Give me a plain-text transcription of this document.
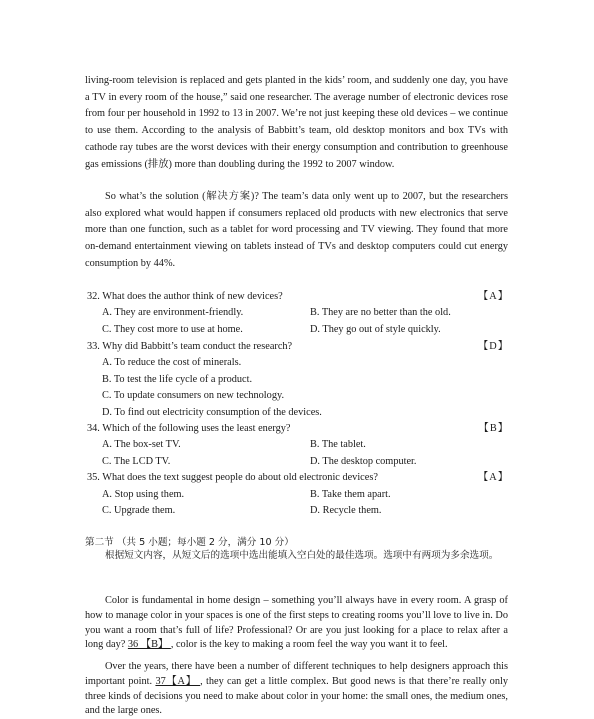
living-room television is replaced and gets planted in the kids’ room, and suddenly one day, you have a TV in every room of the house,” said one researcher. The average number of electronic devices rose from four per household in 1992 to 13 in 2007. We’re not just keeping these old devices – we continue to use them. According to the analysis of Babbitt’s team, old desktop monitors and box TVs with cathode ray tubes are the worst devices with their energy consumption and contribution to greenhouse gas emissions (排放) more than doubling during the 1992 to 2007 window.

So what’s the solution (解决方案)? The team’s data only went up to 2007, but the researchers also explored what would happen if consumers replaced old products with new electronics that serve more than one function, such as a tablet for word processing and TV viewing. They found that more on-demand entertainment viewing on tablets instead of TVs and desktop computers could cut energy consumption by 44%.

32. What does the author think of new devices?	【A】
A. They are environment-friendly.	B. They are no better than the old.
C. They cost more to use at home.	D. They go out of style quickly.
33. Why did Babbitt’s team conduct the research?	【D】
A. To reduce the cost of minerals.
B. To test the life cycle of a product.
C. To update consumers on new technology.
D. To find out electricity consumption of the devices.
34. Which of the following uses the least energy?	【B】
A. The box-set TV.	B. The tablet.
C. The LCD TV.	D. The desktop computer.
35. What does the text suggest people do about old electronic devices?	【A】
A. Stop using them.	B. Take them apart.
C. Upgrade them.	D. Recycle them.
第二节 （共 5 小题；每小题 2 分，满分 10 分）

根据短文内容，从短文后的选项中选出能填入空白处的最佳选项。选项中有两项为多余选项。

Color is fundamental in home design – something you’ll always have in every room. A grasp of how to manage color in your spaces is one of the first steps to creating rooms you’ll love to live in. Do you want a room that’s full of life? Professional? Or are you just looking for a place to relax after a long day? 36 【B】 , color is the key to making a room feel the way you want it to feel.

Over the years, there have been a number of different techniques to help designers approach this important point. 37【A】 , they can get a little complex. But good news is that there’re really only three kinds of decisions you need to make about color in your home: the small ones, the medium ones, and the large ones.
